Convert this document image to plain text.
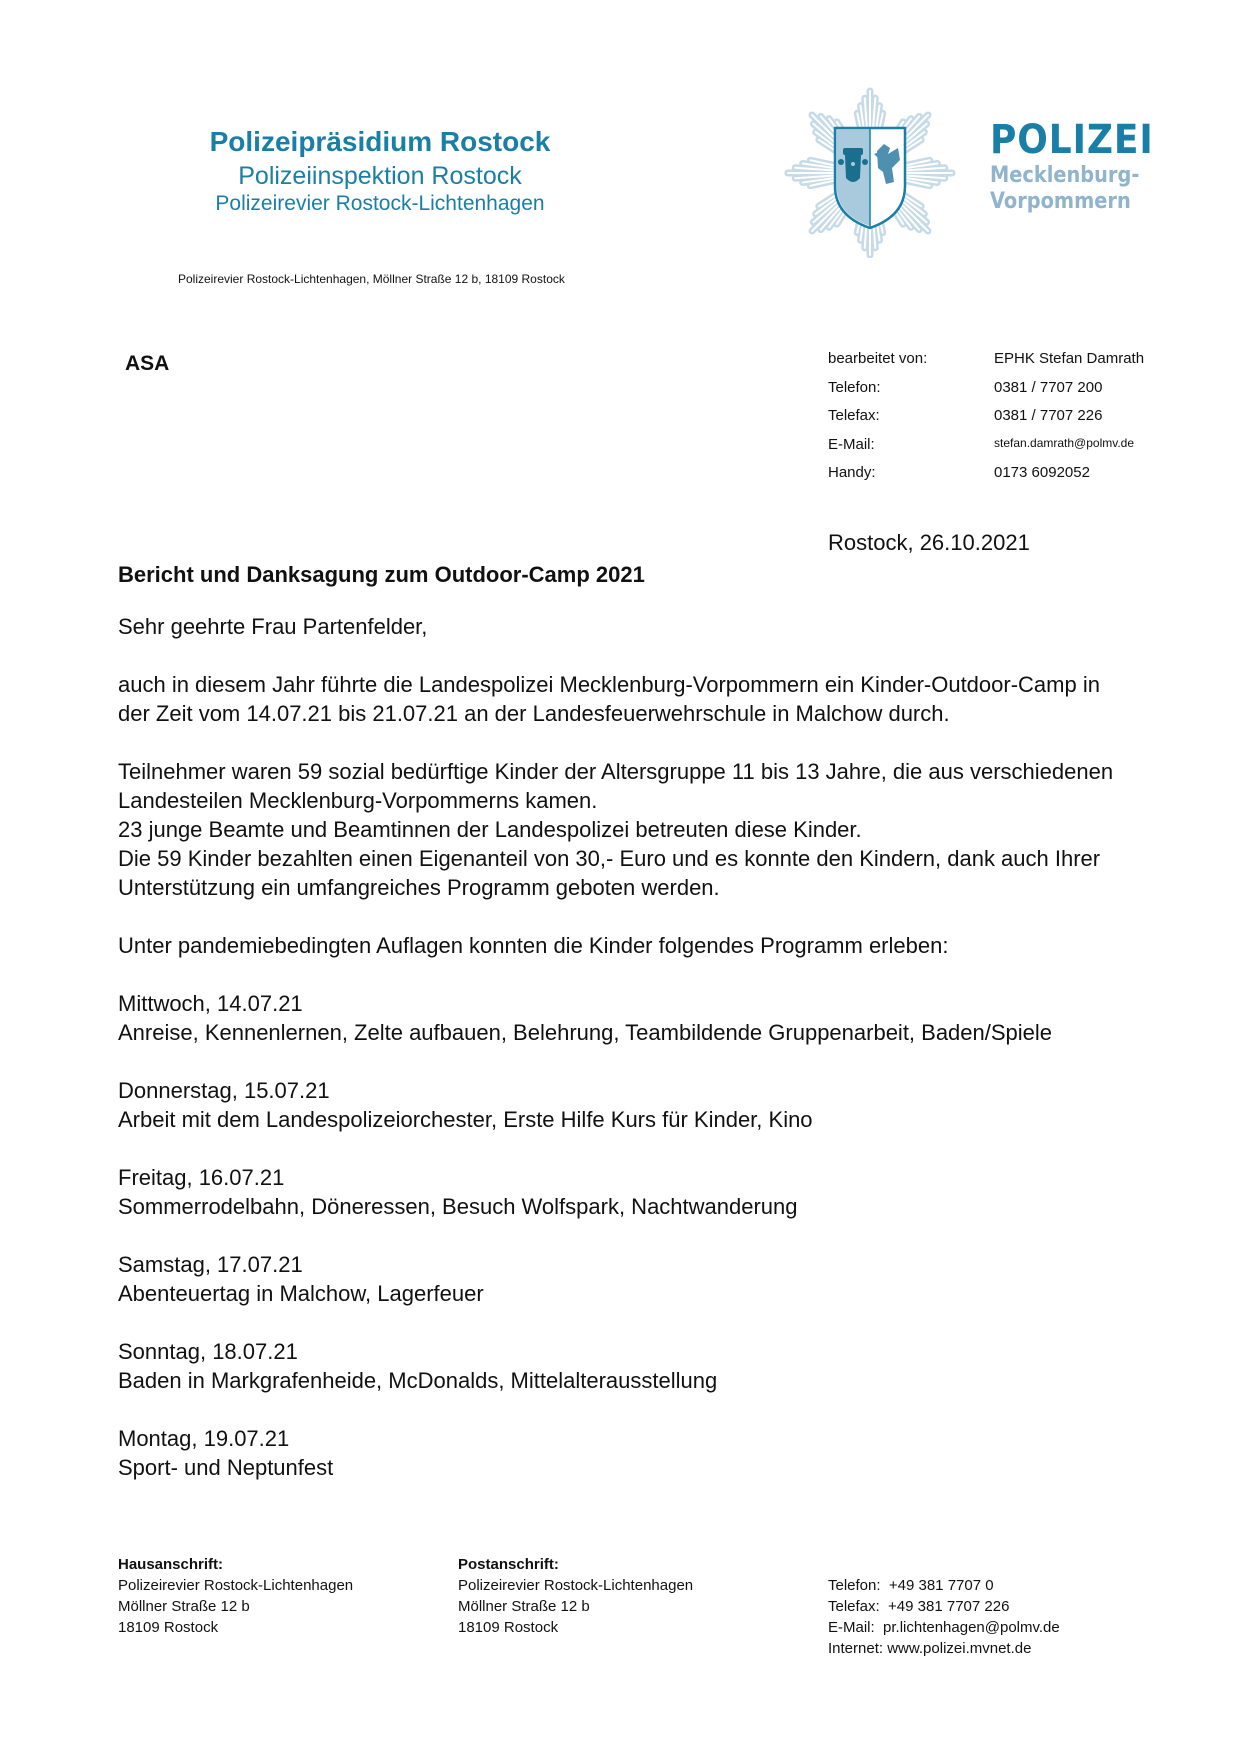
Polizeipräsidium Rostock
Polizeiinspektion Rostock
Polizeirevier Rostock-Lichtenhagen
Polizeirevier Rostock-Lichtenhagen, Möllner Straße 12 b, 18109 Rostock
POLIZEI
Mecklenburg-
Vorpommern
ASA	bearbeitet von:	EPHK Stefan Damrath
Telefon:	0381 / 7707 200
Telefax:	0381 / 7707 226
E-Mail:	stefan.damrath@polmv.de
Handy:	0173 6092052
Rostock, 26.10.2021
Bericht und Danksagung zum Outdoor-Camp 2021

Sehr geehrte Frau Partenfelder,

auch in diesem Jahr führte die Landespolizei Mecklenburg-Vorpommern ein Kinder-Outdoor-Camp in der Zeit vom 14.07.21 bis 21.07.21 an der Landesfeuerwehrschule in Malchow durch.

Teilnehmer waren 59 sozial bedürftige Kinder der Altersgruppe 11 bis 13 Jahre, die aus verschiedenen Landesteilen Mecklenburg-Vorpommerns kamen.

23 junge Beamte und Beamtinnen der Landespolizei betreuten diese Kinder.

Die 59 Kinder bezahlten einen Eigenanteil von 30,- Euro und es konnte den Kindern, dank auch Ihrer Unterstützung ein umfangreiches Programm geboten werden.

Unter pandemiebedingten Auflagen konnten die Kinder folgendes Programm erleben:

Mittwoch, 14.07.21
Anreise, Kennenlernen, Zelte aufbauen, Belehrung, Teambildende Gruppenarbeit, Baden/Spiele

Donnerstag, 15.07.21
Arbeit mit dem Landespolizeiorchester, Erste Hilfe Kurs für Kinder, Kino

Freitag, 16.07.21
Sommerrodelbahn, Döneressen, Besuch Wolfspark, Nachtwanderung

Samstag, 17.07.21
Abenteuertag in Malchow, Lagerfeuer

Sonntag, 18.07.21
Baden in Markgrafenheide, McDonalds, Mittelalterausstellung

Montag, 19.07.21
Sport- und Neptunfest

Hausanschrift:
Polizeirevier Rostock-Lichtenhagen
Möllner Straße 12 b
18109 Rostock
Postanschrift:
Polizeirevier Rostock-Lichtenhagen
Möllner Straße 12 b
18109 Rostock
Telefon: +49 381 7707 0
Telefax: +49 381 7707 226
E-Mail: pr.lichtenhagen@polmv.de
Internet: www.polizei.mvnet.de
